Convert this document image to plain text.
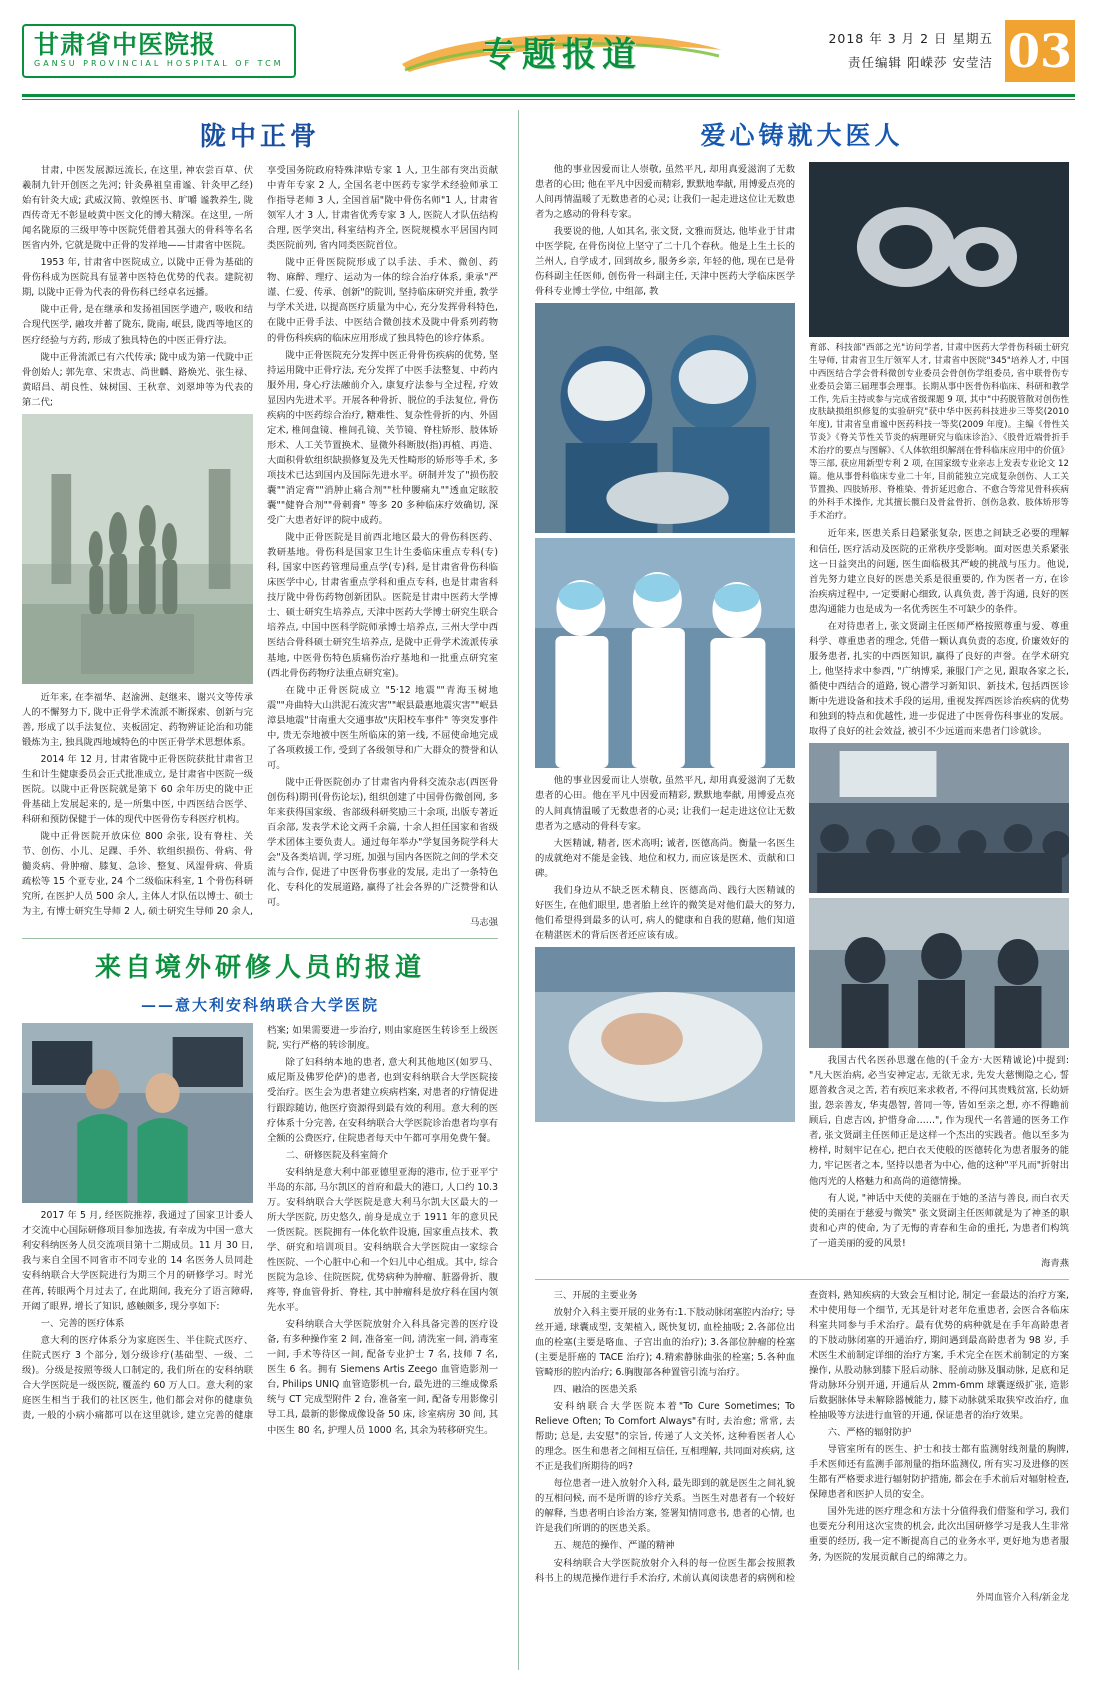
甘肃省中医院报
GANSU PROVINCIAL HOSPITAL OF TCM	专题报道	2018 年 3 月 2 日 星期五
责任编辑 阳嵘莎 安莹洁 03
陇中正骨

甘肃, 中医发展源远流长, 在这里, 神农尝百草、伏羲制九针开创医之先河; 针灸鼻祖皇甫谧、针灸甲乙经) 始有针灸大成; 武威汉简、敦煌医书、旷嚼 谧教养生, 陇西传奇无不彰显岐黄中医文化的博大精深。在这里, 一所闻名陇原的三级甲等中医院凭借着其强大的骨科等名名医省内外, 它就是陇中正骨的发祥地——甘肃省中医院。

1953 年, 甘肃省中医院成立, 以陇中正骨为基础的骨伤科成为医院具有显著中医特色优势的代表。建院初期, 以陇中正骨为代表的骨伤科已经卓名远播。

陇中正骨, 是在继承和发扬祖国医学遗产, 吸收和结合现代医学, 融攻并蓄了陇东, 陇南, 岷县, 陇西等地区的医疗经验与方药, 形成了独具特色的中医正骨疗法。

陇中正骨流派已有六代传承; 陇中成为第一代陇中正骨创始人; 郭先章、宋贵志、尚世麟、路焕光、张生禄、黄昭昌、胡良性、妹树国、王秋章、刘翠坤等为代表的第二代;

近年来, 在李福华、赵渝洲、赵继来、谢兴文等传承人的不懈努力下, 陇中正骨学术流派不断探索、创新与完善, 形成了以手法复位、夹板固定、药物辨证论治和功能锻炼为主, 独具陇西地域特色的中医正骨学术思想体系。

2014 年 12 月, 甘肃省陇中正骨医院获批甘肃省卫生和计生健康委员会正式批准成立, 是甘肃省中医院一级医院。以陇中正骨医院就是第下 60 余年历史的陇中正骨基础上发展起来的, 是一所集中医, 中西医结合医学、科研和预防保健于一体的现代中医骨伤专科医疗机构。

陇中正骨医院开放床位 800 余张, 设有脊柱、关节、创伤、小儿、足踝、手外、软组织损伤、骨病、骨髓炎病、骨肿瘤、膝复、急诊、整复、风湿骨病、骨质疏松等 15 个亚专业, 24 个二级临床科室, 1 个骨伤科研究所, 在医护人员 500 余人, 主体人才队伍以博士、硕士为主, 有博士研究生导师 2 人, 硕士研究生导师 20 余人, 享受国务院政府特殊津贴专家 1 人, 卫生部有突出贡献中青年专家 2 人, 全国名老中医药专家学术经验师承工作指导老师 3 人, 全国首届"陇中骨伤名师"1 人, 甘肃省领军人才 3 人, 甘肃省优秀专家 3 人, 医院人才队伍结构合理, 医学突出, 科室结构齐全, 医院规模水平居国内同类医院前列, 省内同类医院首位。

陇中正骨医院院形成了以手法、手术、微创、药物、麻醉、理疗、运动为一体的综合治疗体系, 秉承"严谨、仁爱、传承、创新"的院训, 坚持临床研究并重, 教学与学术关进, 以提高医疗质量为中心, 充分发挥骨科特色, 在陇中正骨手法、中医结合微创技术及陇中骨系列药物的骨伤科疾病的临床应用形成了独具特色的诊疗体系。

陇中正骨医院充分发挥中医正骨骨伤疾病的优势, 坚持运用陇中正骨疗法, 充分发挥了中医手法整复、中药内服外用, 身心疗法融前介入, 康复疗法参与全过程, 疗效显因内先进术平。开展各种骨折、脱位的手法复位, 骨伤疾病的中医药综合治疗, 糖难性、复杂性骨折的内、外固定术, 椎间盘镜、椎间孔镜、关节镜、脊柱矫形、肢体矫形术、人工关节置换术、显微外科断肢(指)再植、再造、大面积骨软组织缺损修复及先天性畸形的矫形等手术, 多项技术已达到国内及国际先进水平。研制并发了"损伤胶囊""消定膏""消肿止痛合剂""杜仲腰痛丸""透血定眩胶囊""健脊合剂""骨刺膏" 等多 20 多种临床疗效确切, 深受广大患者好评的院中成药。

陇中正骨医院是目前西北地区最大的骨伤科医药、教研基地。骨伤科是国家卫生计生委临床重点专科(专)科, 国家中医药管理局重点学(专)科, 是甘肃省骨伤科临床医学中心, 甘肃省重点学科和重点专科, 也是甘肃省科技厅陇中骨伤药物创新团队。医院是甘肃中医药大学博士、硕士研究生培养点, 天津中医药大学博士研究生联合培养点, 中国中医科学院师承博士培养点, 三州大学中西医结合骨科硕士研究生培养点, 是陇中正骨学术流派传承基地, 中医骨伤特色质痛伤治疗基地和一批重点研究室(西北骨伤药物疗法重点研究室)。

在陇中正骨医院成立 "5·12 地震""青海玉树地震""舟曲特大山洪泥石流灾害""岷县最惠地震灾害""岷县漳县地震"甘南重大交通事故"庆阳校车事件" 等突发事件中, 贵无奈地被中医生所临床的第一线, 不屈使命地完成了各项救援工作, 受到了各级领导和广大群众的赞誉和认可。

陇中正骨医院创办了甘肃省内骨科交流杂志(西医骨创伤科)期刊(骨伤论坛), 组织创建了中国骨伤微创网, 多年来获得国家级、省部级科研奖励三十余项, 出版专著近百余部, 发表学术论文两千余篇, 十余人担任国家和省级学术团体主要负责人。通过每年举办"学复国务院学科大会"及各类培训, 学习班, 加强与国内各医院之间的学术交流与合作, 促进了中医骨伤事业的发展, 走出了一条特色化、专科化的发展道路, 赢得了社会各界的广泛赞誉和认可。

马志强

来自境外研修人员的报道
——意大利安科纳联合大学医院

2017 年 5 月, 经医院推荐, 我通过了国家卫计委人才交流中心国际研修项目参加选拔, 有幸成为中国一意大利安科纳医务人员交流项目第十二期成员。11 月 30 日, 我与来自全国不同省市不同专业的 14 名医务人员同赴安科纳联合大学医院进行为期三个月的研修学习。时光荏苒, 转眼两个月过去了, 在此期间, 我充分了语言障碍, 开阔了眼界, 增长了知识, 感触颇多, 现分享如下:

一、完善的医疗体系

意大利的医疗体系分为家庭医生、半住院式医疗、住院式医疗 3 个部分, 划分级诊疗(基础型、一级、二级)。分级是按照等级人口制定的, 我们所在的安科纳联合大学医院是一级医院, 覆盖约 60 万人口。意大利的家庭医生相当于我们的社区医生, 他们都会对你的健康负责, 一般的小病小痛都可以在这里就诊, 建立完善的健康档案; 如果需要进一步治疗, 则由家庭医生转诊至上级医院, 实行严格的转诊制度。

除了妇科纳本地的患者, 意大利其他地区(如罗马、威尼斯及佛罗伦萨)的患者, 也到安科纳联合大学医院接受治疗。医生会为患者建立疾病档案, 对患者的疗情促进行跟踪随访, 他医疗资源得到最有效的利用。意大利的医疗体系十分完善, 在安科纳联合大学医院诊治患者均享有全额的公费医疗, 住院患者每天中午都可享用免费午餐。

二、研修医院及科室简介

安科纳是意大利中部亚德里亚海的港市, 位于亚平宁半岛的东部, 马尔凯区的首府和最大的港口, 人口约 10.3 万。安科纳联合大学医院是意大利马尔凯大区最大的一所大学医院, 历史悠久, 前身是成立于 1911 年的意贝民一货医院。医院拥有一体化软件设施, 国家重点技术、教学、研究和培训项目。安科纳联合大学医院由一家综合性医院、一个心脏中心和一个妇儿中心组成。其中, 综合医院为急诊、住院医院, 优势病种为肿瘤、脏器骨折、腹疼等, 脊血管骨折、脊柱, 其中肿瘤科是放疗科在国内领先水平。

安科纳联合大学医院放射介入科具备完善的医疗设备, 有多种操作室 2 间, 准备室一间, 清洗室一间, 消毒室一间, 手术等待区一间, 配备专业护士 7 名, 技师 7 名, 医生 6 名。拥有 Siemens Artis Zeego 血管造影剂一台, Philips UNIQ 血管造影机一台, 最先进的三维成像系统与 CT 完成型附件 2 台, 准备室一间, 配备专用影像引导工具, 最新的影像成像设备 50 床, 诊室病房 30 间, 其中医生 80 名, 护理人员 1000 名, 其余为转移研究生。

爱心铸就大医人

他的事业因爱而让人崇敬, 虽然平凡, 却用真爱滋润了无数患者的心田; 他在平凡中因爱而精彩, 默默地奉献, 用博爱点亮的人间再情温暖了无数患者的心灵; 让我们一起走进这位让无数患者为之感动的骨科专家。

我要说的他, 人如其名, 张文贤, 文雅而贤达, 他毕业于甘肃中医学院, 在骨伤岗位上坚守了二十几个春秋。他是上生土长的兰州人, 自学成才, 回到故乡, 服务乡亲, 年轻的他, 现在已是骨伤科副主任医师, 创伤骨一科副主任, 天津中医药大学临床医学骨科专业博士学位, 中组部, 教

他的事业因爱而让人崇敬, 虽然平凡, 却用真爱滋润了无数患者的心田。他在平凡中因爱而精彩, 默默地奉献, 用博爱点亮的人间真情温暖了无数患者的心灵; 让我们一起走进这位让无数患者为之感动的骨科专家。

大医精诚, 精者, 医术高明; 诚者, 医德高尚。衡量一名医生的成就绝对不能是金钱、地位和权力, 而应该是医术、贡献和口碑。

我们身边从不缺乏医术精良、医德高尚、践行大医精诚的好医生, 在他们眼里, 患者胎上丝许的微笑是对他们最大的努力, 他们希望得到最多的认可, 病人的健康和自我的慰藉, 他们知道在精湛医术的背后医者还应该有成。

育部、科技部"西部之光"访问学者, 甘肃中医药大学骨伤科硕士研究生导师, 甘肃省卫生厅领军人才, 甘肃省中医院"345"培养人才, 中国中西医结合学会骨科微创专业委员会骨创伤学组委员, 省中联骨伤专业委员会第三届理事会理事。长期从事中医骨伤科临床、科研和教学工作, 先后主持或参与完成省级课题 9 项, 其中"中药脱管散对创伤性皮肤缺损组织修复的实验研究"获中华中医药科技进步三等奖(2010 年度), 甘肃省皇甫谧中医药科技一等奖(2009 年度)。主编《骨性关节炎》《脊关节性关节炎的病理研究与临床诊治》、《股骨近端骨折手术治疗的要点与图解》、《人体软组织解剖在骨科临床应用中的价值》等三部, 获应用新型专利 2 项, 在国家级专业亲志上发表专业论文 12 篇。他从事骨科临床专业二十年, 目前能独立完成复杂创伤、人工关节置换、四肢矫形、脊椎染、骨折延迟愈合、不愈合等常见骨科疾病的外科手术操作, 尤其擅长髋臼及骨盆骨折、创伤急救、肢体矫形等手术治疗。

近年来, 医患关系日趋紧张复杂, 医患之间缺乏必要的理解和信任, 医疗活动及医院的正常秩序受影响。面对医患关系紧张这一日益突出的问题, 医生面临极其严峻的挑战与压力。他说, 首先努力建立良好的医患关系是很重要的, 作为医者一方, 在诊治疾病过程中, 一定要耐心细致, 认真负责, 善于沟通, 良好的医患沟通能力也是成为一名优秀医生不可缺少的条件。

在对待患者上, 张文贤副主任医师严格按照尊重与爱、尊重科学、尊重患者的理念, 凭借一颗认真负责的态度, 价廉效好的服务患者, 扎实的中西医知识, 赢得了良好的声誉。在学术研究上, 他坚持求中参西, "广纳博采, 兼服门产之见, 跟取各家之长, 循使中西结合的道路, 锐心潜学习新知识、新技术, 包括西医诊断中先进设备和技术手段的运用, 重视发挥西医诊治疾病的优势和独到的特点和优越性, 进一步促进了中医骨伤科事业的发展。取得了良好的社会效益, 被引不少远道而来患者门诊就诊。

我国古代名医孙思邈在他的(千金方·大医精诚论)中提到: "凡大医治病, 必当安神定志, 无欲无求, 先发大慈恻隐之心, 誓愿普救含灵之苦, 若有疾厄来求救者, 不得问其贵贱贫富, 长幼妍蚩, 怨亲善友, 华夷愚智, 普同一等, 皆如至亲之想, 亦不得瞻前顾后, 自虑吉凶, 护惜身命……", 作为现代一名普通的医务工作者, 张文贤副主任医师正是这样一个杰出的实践者。他以至多为榜样, 时刻牢记在心, 把白衣天使般的医德转化为患者服务的能力, 牢记医者之本, 坚持以患者为中心, 他的这种"平凡而"折射出他丙光的人格魅力和高尚的道德情操。

有人说, "神话中天使的美丽在于她的圣洁与善良, 而白衣天使的美丽在于慈爱与微笑" 张文贤副主任医师就是为了神圣的职责和心声的使命, 为了无悔的青春和生命的重托, 为患者们构筑了一道美丽的爱的风景!

海青燕

三、开展的主要业务

放射介入科主要开展的业务有:1.下肢动脉闭塞腔内治疗; 导丝开通, 球囊成型, 支架植入, 既快复切, 血栓抽吸; 2.各部位出血的栓塞(主要是咯血、子宫出血的治疗); 3.各部位肿瘤的栓塞(主要是肝癌的 TACE 治疗); 4.精索静脉曲张的栓塞; 5.各种血管畸形的腔内治疗; 6.胸腹部各种置管引流与治疗。

四、融洽的医患关系

安科纳联合大学医院本着"To Cure Sometimes; To Relieve Often; To Comfort Always"有时, 去治愈; 常常, 去帮助; 总是, 去安慰"的宗旨, 传递了人文关怀, 这种看医者人心的理念。医生和患者之间相互信任, 互相理解, 共同面对疾病, 这不正是我们所期待的吗?

每位患者一进入放射介入科, 最先即到的就是医生之间礼貌的互相问候, 而不是所谓的诊疗关系。当医生对患者有一个较好的解释, 当患者明白诊治方案, 签署知情同意书, 患者的心情, 也许是我们所谓的的医患关系。

五、规范的操作、严谨的精神

安科纳联合大学医院放射介入科的每一位医生都会按照教科书上的规范操作进行手术治疗, 术前认真阅读患者的病例和检查资料, 熟知疾病的大致会互相讨论, 制定一套最达的治疗方案, 术中使用每一个细节, 无其是针对老年危重患者, 会医合各临床科室共同参与手术治疗。最有优势的病种就是在手年高龄患者的下肢动脉闭塞的开通治疗, 期间遇到最高龄患者为 98 岁, 手术医生术前制定详细的治疗方案, 手术完全在医术前制定的方案操作, 从股动脉到膝下胫后动脉、胫前动脉及腘动脉, 足底和足背动脉环分别开通, 开通后从 2mm-6mm 球囊逐级扩张, 造影后数据脉体导未解除器械能力, 膝下动脉就采取狭窄改治疗, 血栓抽吸等方法进行血管的开通, 保证患者的治疗效果。

六、严格的辐射防护

导管室所有的医生、护士和技士都有监测射线剂量的胸牌, 手术医师还有监测手部剂量的指环监测仪, 所有实习及进修的医生都有严格要求进行辐射防护措施, 都会在手术前后对辐射检查, 保障患者和医护人员的安全。

国外先进的医疗理念和方法十分值得我们借鉴和学习, 我们也要充分利用这次宝贵的机会, 此次出国研修学习是我人生非常重要的经历, 我一定不断提高自己的业务水平, 更好地为患者服务, 为医院的发展贡献自己的绵薄之力。

外周血管介入科/新金龙
